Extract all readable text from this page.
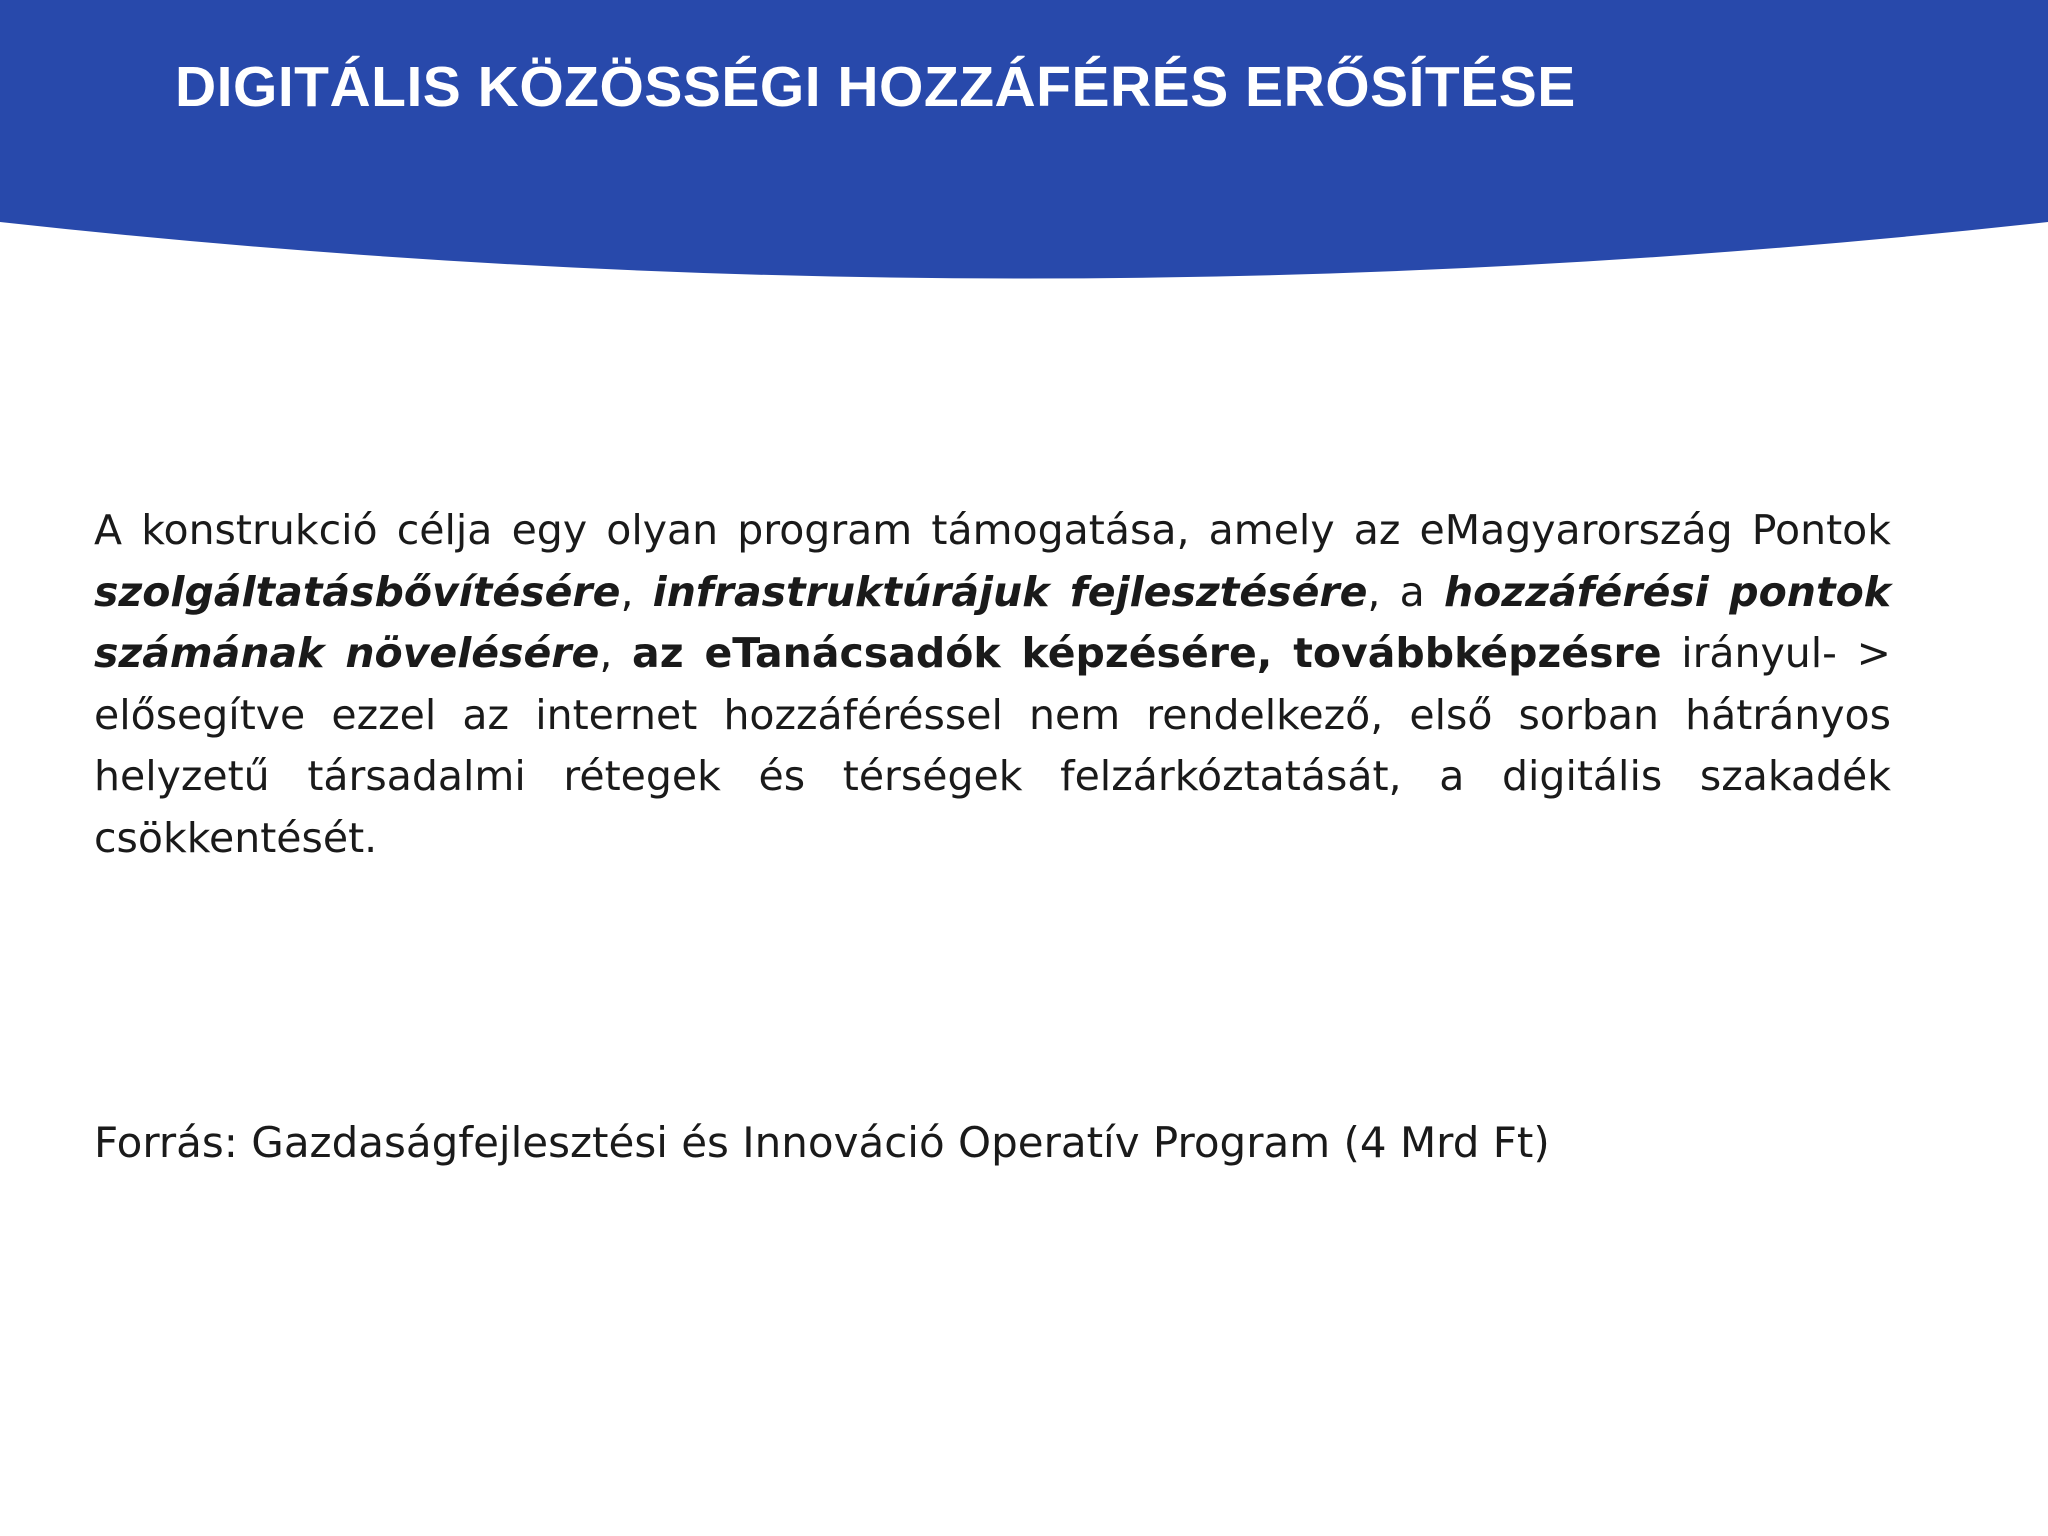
DIGITÁLIS KÖZÖSSÉGI HOZZÁFÉRÉS ERŐSÍTÉSE

A konstrukció célja egy olyan program támogatása, amely az eMagyarország Pontok szolgáltatásbővítésére, infrastruktúrájuk fejlesztésére, a hozzáférési pontok számának növelésére, az eTanácsadók képzésére, továbbképzésre irányul- > elősegítve ezzel az internet hozzáféréssel nem rendelkező, első sorban hátrányos helyzetű társadalmi rétegek és térségek felzárkóztatását, a digitális szakadék csökkentését.

Forrás: Gazdaságfejlesztési és Innováció Operatív Program (4 Mrd Ft)
